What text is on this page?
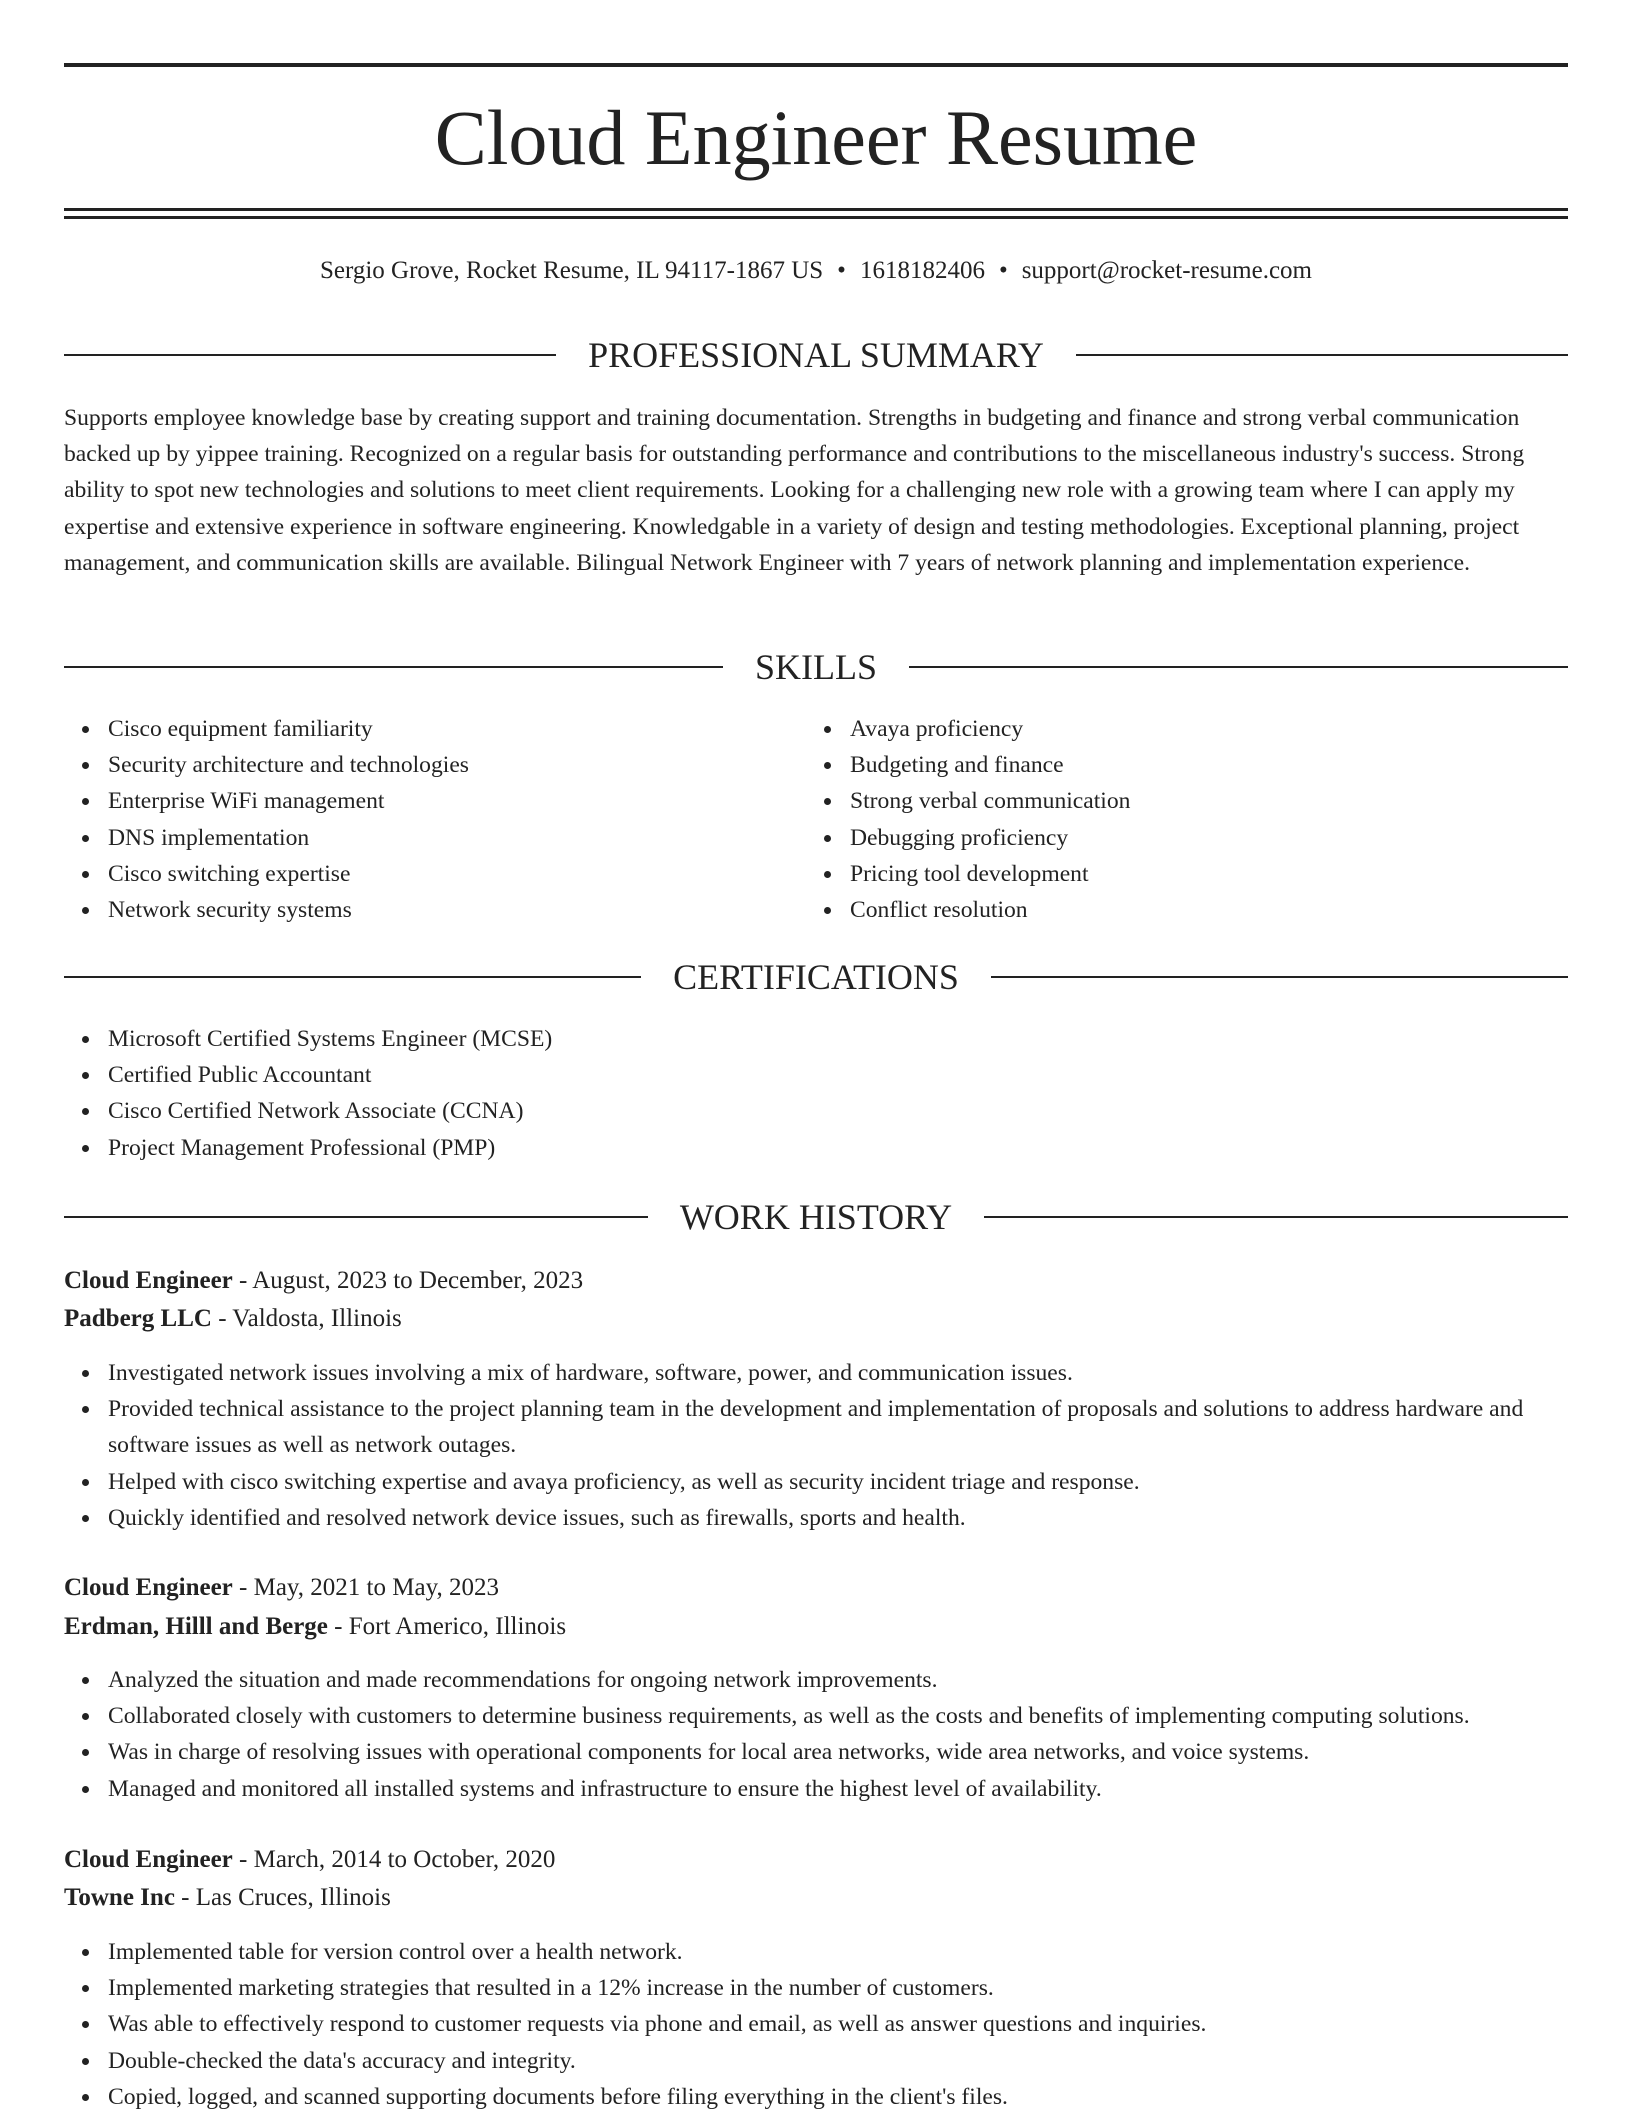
Cloud Engineer Resume

Sergio Grove, Rocket Resume, IL 94117-1867 US • 1618182406 • support@rocket-resume.com

PROFESSIONAL SUMMARY

Supports employee knowledge base by creating support and training documentation. Strengths in budgeting and finance and strong verbal communication backed up by yippee training. Recognized on a regular basis for outstanding performance and contributions to the miscellaneous industry's success. Strong ability to spot new technologies and solutions to meet client requirements. Looking for a challenging new role with a growing team where I can apply my expertise and extensive experience in software engineering. Knowledgable in a variety of design and testing methodologies. Exceptional planning, project management, and communication skills are available. Bilingual Network Engineer with 7 years of network planning and implementation experience.

SKILLS
Cisco equipment familiarity
Security architecture and technologies
Enterprise WiFi management
DNS implementation
Cisco switching expertise
Network security systems
Avaya proficiency
Budgeting and finance
Strong verbal communication
Debugging proficiency
Pricing tool development
Conflict resolution
CERTIFICATIONS
Microsoft Certified Systems Engineer (MCSE)
Certified Public Accountant
Cisco Certified Network Associate (CCNA)
Project Management Professional (PMP)
WORK HISTORY
Cloud Engineer - August, 2023 to December, 2023
Padberg LLC - Valdosta, Illinois
Investigated network issues involving a mix of hardware, software, power, and communication issues.
Provided technical assistance to the project planning team in the development and implementation of proposals and solutions to address hardware and software issues as well as network outages.
Helped with cisco switching expertise and avaya proficiency, as well as security incident triage and response.
Quickly identified and resolved network device issues, such as firewalls, sports and health.
Cloud Engineer - May, 2021 to May, 2023
Erdman, Hilll and Berge - Fort Americo, Illinois
Analyzed the situation and made recommendations for ongoing network improvements.
Collaborated closely with customers to determine business requirements, as well as the costs and benefits of implementing computing solutions.
Was in charge of resolving issues with operational components for local area networks, wide area networks, and voice systems.
Managed and monitored all installed systems and infrastructure to ensure the highest level of availability.
Cloud Engineer - March, 2014 to October, 2020
Towne Inc - Las Cruces, Illinois
Implemented table for version control over a health network.
Implemented marketing strategies that resulted in a 12% increase in the number of customers.
Was able to effectively respond to customer requests via phone and email, as well as answer questions and inquiries.
Double-checked the data's accuracy and integrity.
Copied, logged, and scanned supporting documents before filing everything in the client's files.
